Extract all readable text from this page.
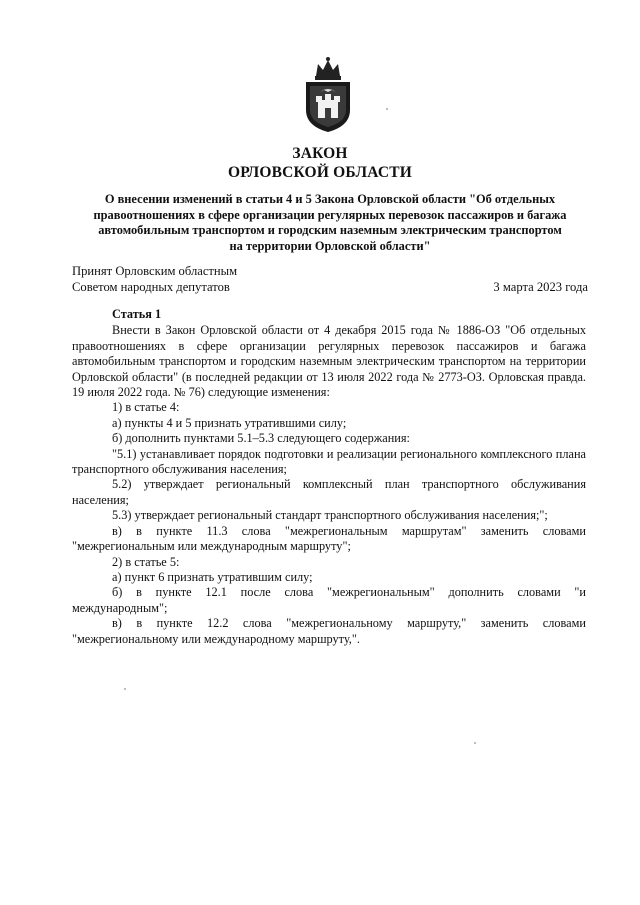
ЗАКОН
ОРЛОВСКОЙ ОБЛАСТИ
О внесении изменений в статьи 4 и 5 Закона Орловской области "Об отдельных
правоотношениях в сфере организации регулярных перевозок пассажиров и багажа
автомобильным транспортом и городским наземным электрическим транспортом
на территории Орловской области"
Принят Орловским областным
Советом народных депутатов	3 марта 2023 года

Статья 1

Внести в Закон Орловской области от 4 декабря 2015 года № 1886-ОЗ "Об отдельных правоотношениях в сфере организации регулярных перевозок пассажиров и багажа автомобильным транспортом и городским наземным электрическим транспортом на территории Орловской области" (в последней редакции от 13 июля 2022 года № 2773-ОЗ. Орловская правда. 19 июля 2022 года. № 76) следующие изменения:

1) в статье 4:

а) пункты 4 и 5 признать утратившими силу;

б) дополнить пунктами 5.1–5.3 следующего содержания:

"5.1) устанавливает порядок подготовки и реализации регионального комплексного плана транспортного обслуживания населения;

5.2) утверждает региональный комплексный план транспортного обслуживания населения;

5.3) утверждает региональный стандарт транспортного обслуживания населения;";

в) в пункте 11.3 слова "межрегиональным маршрутам" заменить словами "межрегиональным или международным маршруту";

2) в статье 5:

а) пункт 6 признать утратившим силу;

б) в пункте 12.1 после слова "межрегиональным" дополнить словами "и международным";

в) в пункте 12.2 слова "межрегиональному маршруту," заменить словами "межрегиональному или международному маршруту,".
